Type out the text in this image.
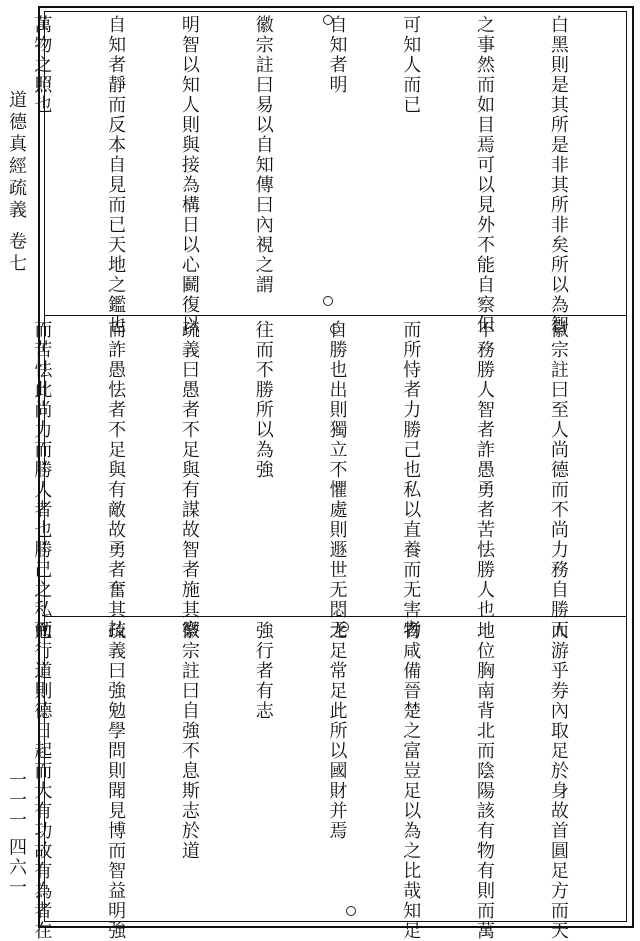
道德真經疏義 卷七
一一一 四六一

白黑則是其所是非其所非矣所以為智

之事然而如目焉可以見外不能自察但

可知人而已

自知者明

徽宗註曰易以自知傳曰內視之謂

明智以知人則與接為構日以心鬬復以

自知者靜而反本自見而已天地之鑑也

萬物之照也

徽宗註曰至人尚德而不尚力務自勝而

不務勝人智者詐愚勇者苦怯勝人也

而所恃者力勝己也私以直養而无害者

自勝也出則獨立不懼處則遯世无悶无

往而不勝所以為強

疏義曰愚者不足與有謀故智者施其察

而詐愚怯者不足與有敵故勇者奮其技

而苦怯此尚力而勝人者也勝己之私而

人游乎券內取足於身故首圓足方而天

地位胸南背北而陰陽該有物有則而萬

物咸備晉楚之富豈足以為之比哉知足

之足常足此所以國財并焉

強行者有志

徽宗註曰自強不息斯志於道

疏義曰強勉學問則聞見博而智益明強

勉行道則德日起而大有功故有為者在
